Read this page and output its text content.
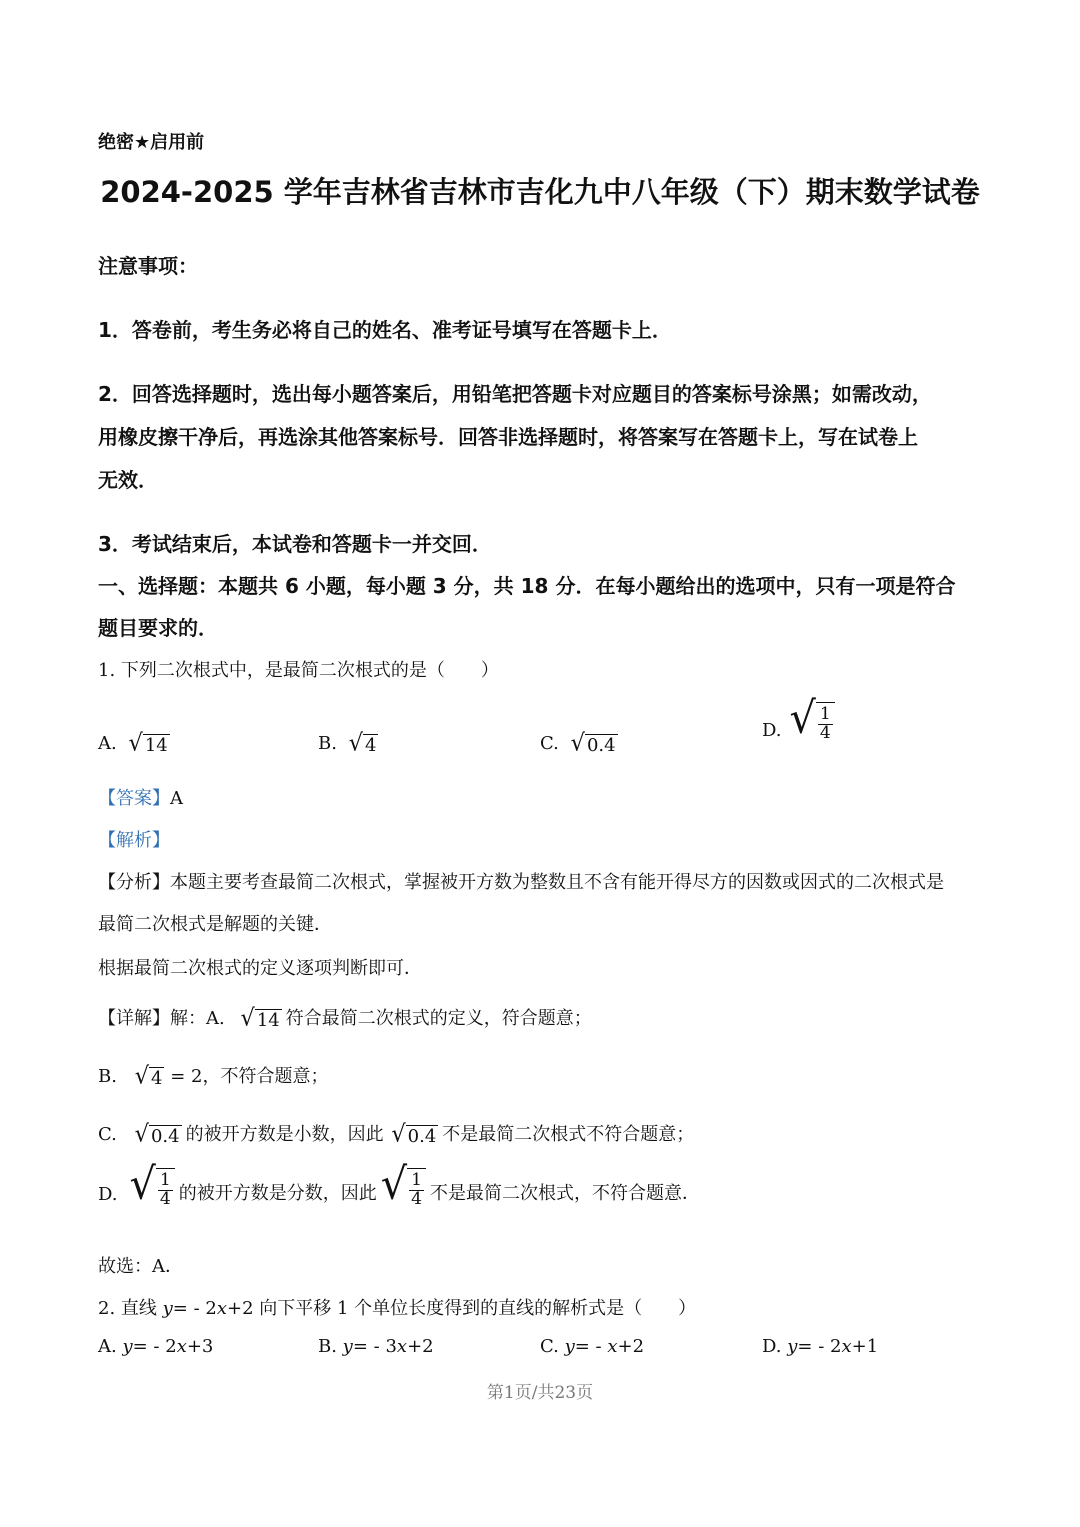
绝密★启用前
2024-2025 学年吉林省吉林市吉化九中八年级（下）期末数学试卷
注意事项：
1．答卷前，考生务必将自己的姓名、准考证号填写在答题卡上．
2．回答选择题时，选出每小题答案后，用铅笔把答题卡对应题目的答案标号涂黑；如需改动，
用橡皮擦干净后，再选涂其他答案标号．回答非选择题时，将答案写在答题卡上，写在试卷上
无效．
3．考试结束后，本试卷和答题卡一并交回．
一、选择题：本题共 6 小题，每小题 3 分，共 18 分．在每小题给出的选项中，只有一项是符合
题目要求的．
1. 下列二次根式中，是最简二次根式的是（　　）
A. √ 14	B. √ 4	C. √ 0.4
D. √ $\frac{1}{4}$
【答案】A
【解析】
【分析】本题主要考查最简二次根式，掌握被开方数为整数且不含有能开得尽方的因数或因式的二次根式是
最简二次根式是解题的关键．
根据最简二次根式的定义逐项判断即可．
【详解】解：A. √ 14 符合最简二次根式的定义，符合题意；
B. √ 4 = 2，不符合题意；
C. √ 0.4 的被开方数是小数，因此 √ 0.4 不是最简二次根式不符合题意；
D. √ $\frac{1}{4}$ 的被开方数是分数，因此 √ $\frac{1}{4}$ 不是最简二次根式，不符合题意．
故选：A．
2. 直线 y= - 2x+2 向下平移 1 个单位长度得到的直线的解析式是（　　）
A. y= - 2x+3	B. y= - 3x+2	C. y= - x+2	D. y= - 2x+1
第1页/共23页
